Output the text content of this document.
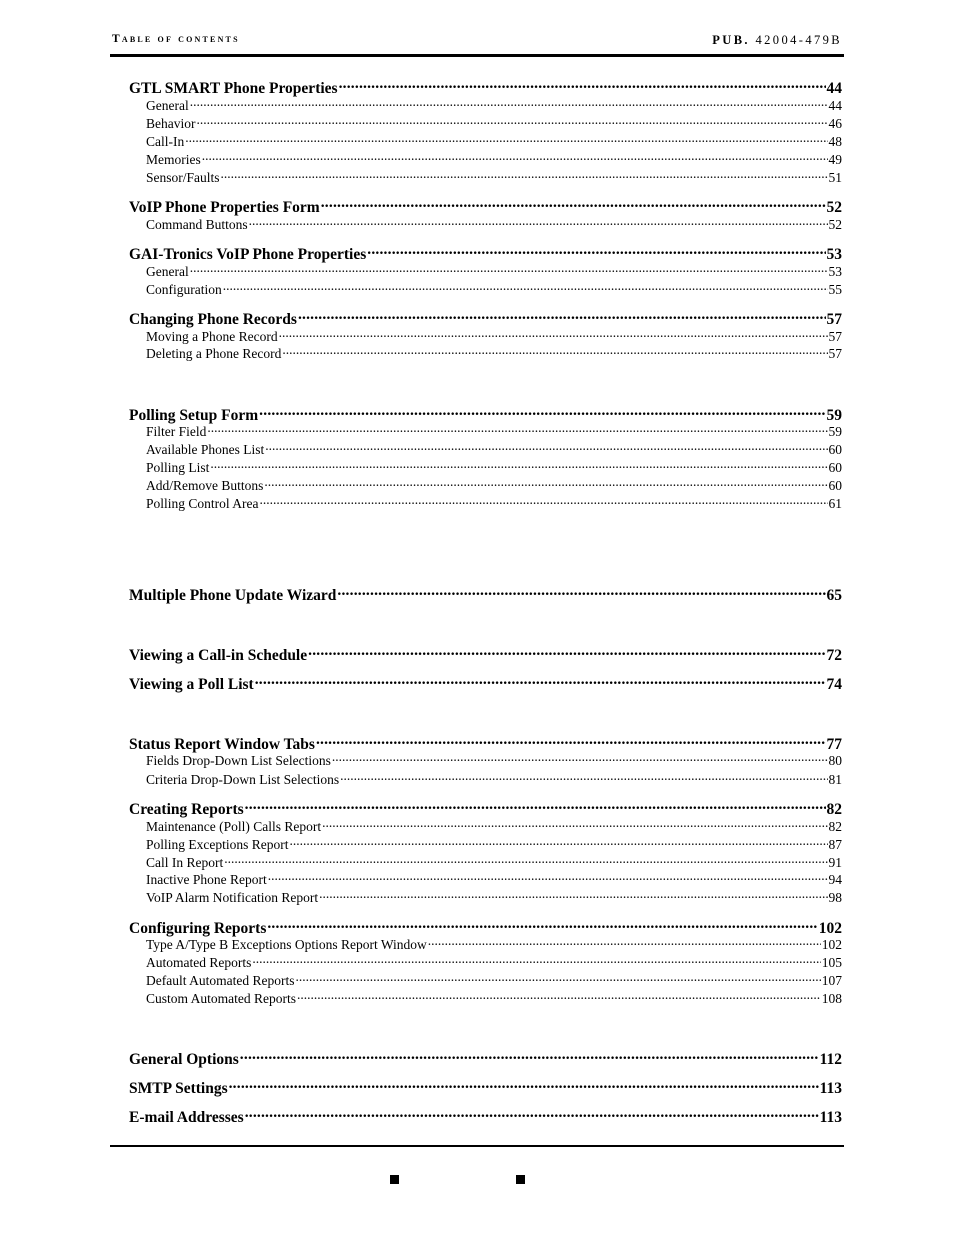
Table of contents	PUB. 42004-479B
GTL SMART Phone Properties .....	44
General .....	44
Behavior .....	46
Call-In .....	48
Memories .....	49
Sensor/Faults .....	51
VoIP Phone Properties Form .....	52
Command Buttons .....	52
GAI-Tronics VoIP Phone Properties .....	53
General .....	53
Configuration .....	55
Changing Phone Records .....	57
Moving a Phone Record .....	57
Deleting a Phone Record .....	57
Polling Setup Form .....	59
Filter Field .....	59
Available Phones List .....	60
Polling List .....	60
Add/Remove Buttons .....	60
Polling Control Area .....	61
Multiple Phone Update Wizard .....	65
Viewing a Call-in Schedule .....	72
Viewing a Poll List .....	74
Status Report Window Tabs .....	77
Fields Drop-Down List Selections .....	80
Criteria Drop-Down List Selections .....	81
Creating Reports .....	82
Maintenance (Poll) Calls Report .....	82
Polling Exceptions Report .....	87
Call In Report .....	91
Inactive Phone Report .....	94
VoIP Alarm Notification Report .....	98
Configuring Reports .....	102
Type A/Type B Exceptions Options Report Window .....	102
Automated Reports .....	105
Default Automated Reports .....	107
Custom Automated Reports .....	108
General Options .....	112
SMTP Settings .....	113
E-mail Addresses .....	113
